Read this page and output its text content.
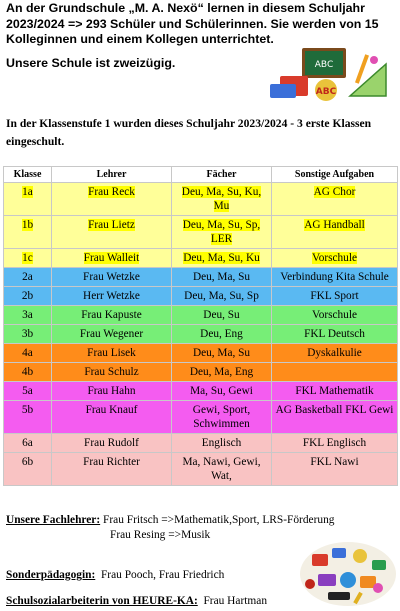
An der Grundschule „M. A. Nexö“ lernen in diesem Schuljahr 2023/2024 => 293 Schüler und Schülerinnen. Sie werden von 15 Kolleginnen und einem Kollegen unterrichtet.

Unsere Schule ist zweizügig.	ABC
ABC

In der Klassenstufe 1 wurden dieses Schuljahr 2023/2024 - 3 erste Klassen eingeschult.

Klasse	Lehrer	Fächer	Sonstige Aufgaben
1a	Frau Reck	Deu, Ma, Su, Ku, Mu	AG Chor
1b	Frau Lietz	Deu, Ma, Su, Sp, LER	AG Handball
1c	Frau Walleit	Deu, Ma, Su, Ku	Vorschule
2a	Frau Wetzke	Deu, Ma, Su	Verbindung Kita Schule
2b	Herr Wetzke	Deu, Ma, Su, Sp	FKL Sport
3a	Frau Kapuste	Deu, Su	Vorschule
3b	Frau Wegener	Deu, Eng	FKL Deutsch
4a	Frau Lisek	Deu, Ma, Su	Dyskalkulie
4b	Frau Schulz	Deu, Ma, Eng	
5a	Frau Hahn	Ma, Su, Gewi	FKL Mathematik
5b	Frau Knauf	Gewi, Sport, Schwimmen	AG Basketball FKL Gewi
6a	Frau Rudolf	Englisch	FKL Englisch
6b	Frau Richter	Ma, Nawi, Gewi, Wat,	FKL Nawi
Unsere Fachlehrer: Frau Fritsch =>Mathematik,Sport, LRS-Förderung
Frau Resing =>Musik
Sonderpädagogin: Frau Pooch, Frau Friedrich
Schulsozialarbeiterin von HEURE-KA: Frau Hartman
